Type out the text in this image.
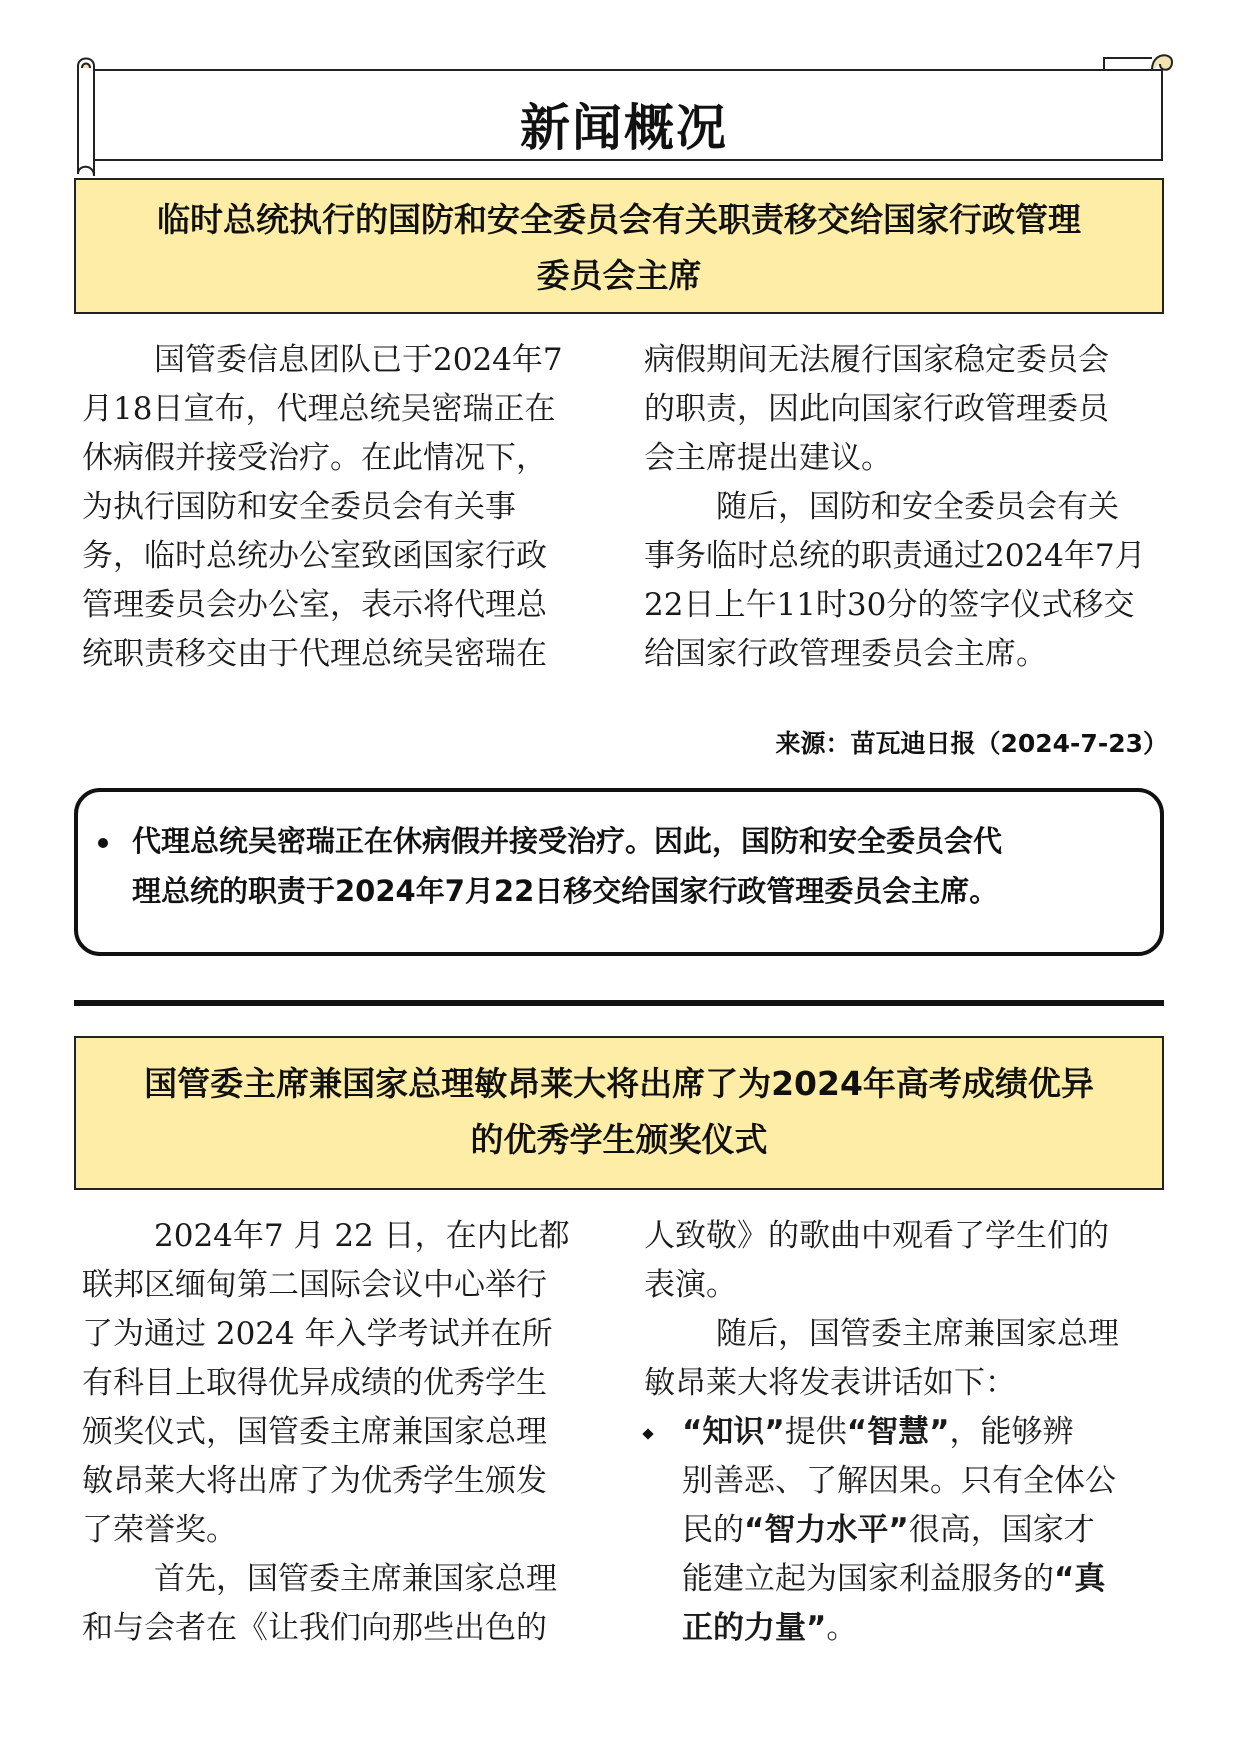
新闻概况
临时总统执行的国防和安全委员会有关职责移交给国家行政管理
委员会主席
国管委信息团队已于2024年7
月18日宣布，代理总统吴密瑞正在
休病假并接受治疗。在此情况下，
为执行国防和安全委员会有关事
务，临时总统办公室致函国家行政
管理委员会办公室，表示将代理总
统职责移交由于代理总统吴密瑞在
病假期间无法履行国家稳定委员会
的职责，因此向国家行政管理委员
会主席提出建议。
随后，国防和安全委员会有关
事务临时总统的职责通过2024年7月
22日上午11时30分的签字仪式移交
给国家行政管理委员会主席。
来源：苗瓦迪日报（2024-7-23）
代理总统吴密瑞正在休病假并接受治疗。因此，国防和安全委员会代
理总统的职责于2024年7月22日移交给国家行政管理委员会主席。
国管委主席兼国家总理敏昂莱大将出席了为2024年高考成绩优异
的优秀学生颁奖仪式
2024年7 月 22 日，在内比都
联邦区缅甸第二国际会议中心举行
了为通过 2024 年入学考试并在所
有科目上取得优异成绩的优秀学生
颁奖仪式，国管委主席兼国家总理
敏昂莱大将出席了为优秀学生颁发
了荣誉奖。
首先，国管委主席兼国家总理
和与会者在《让我们向那些出色的
人致敬》的歌曲中观看了学生们的
表演。
随后，国管委主席兼国家总理
敏昂莱大将发表讲话如下：
“知识”提供“智慧”，能够辨
别善恶、了解因果。只有全体公
民的“智力水平”很高，国家才
能建立起为国家利益服务的“真
正的力量”。
